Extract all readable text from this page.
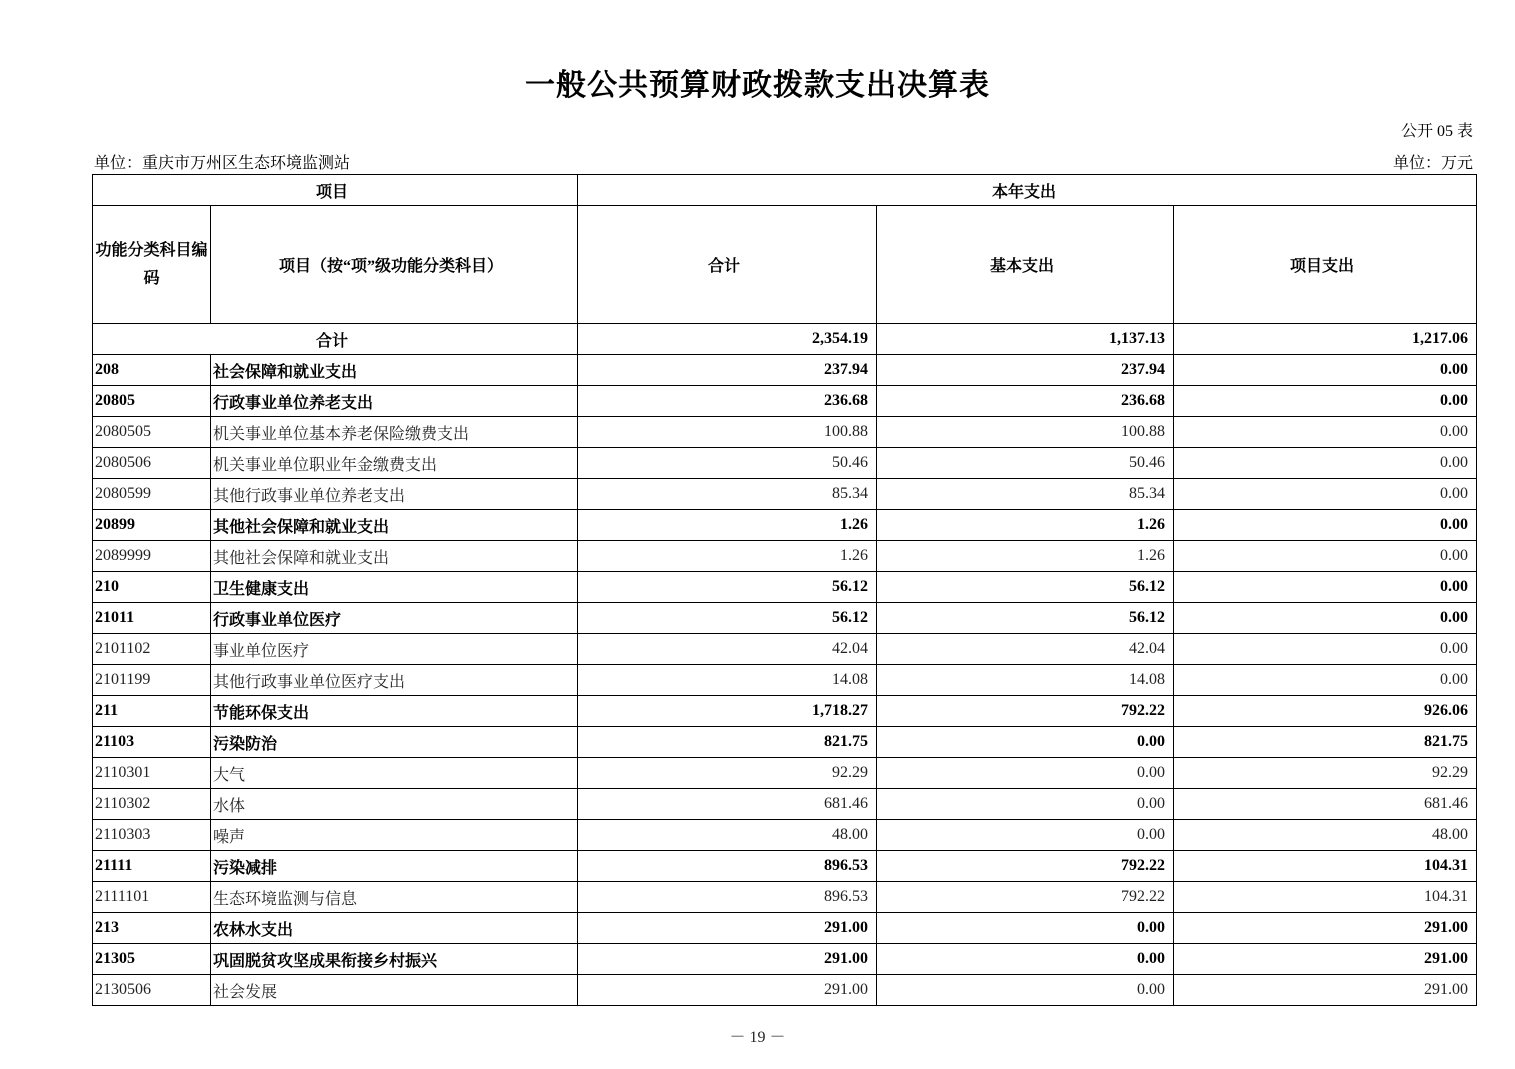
一般公共预算财政拨款支出决算表
公开 05 表
单位：重庆市万州区生态环境监测站	单位：万元
项目		本年支出		
功能分类科目编码	项目（按“项”级功能分类科目）	合计	基本支出	项目支出
合计		2,354.19	1,137.13	1,217.06
208	社会保障和就业支出	237.94	237.94	0.00
20805	行政事业单位养老支出	236.68	236.68	0.00
2080505	机关事业单位基本养老保险缴费支出	100.88	100.88	0.00
2080506	机关事业单位职业年金缴费支出	50.46	50.46	0.00
2080599	其他行政事业单位养老支出	85.34	85.34	0.00
20899	其他社会保障和就业支出	1.26	1.26	0.00
2089999	其他社会保障和就业支出	1.26	1.26	0.00
210	卫生健康支出	56.12	56.12	0.00
21011	行政事业单位医疗	56.12	56.12	0.00
2101102	事业单位医疗	42.04	42.04	0.00
2101199	其他行政事业单位医疗支出	14.08	14.08	0.00
211	节能环保支出	1,718.27	792.22	926.06
21103	污染防治	821.75	0.00	821.75
2110301	大气	92.29	0.00	92.29
2110302	水体	681.46	0.00	681.46
2110303	噪声	48.00	0.00	48.00
21111	污染减排	896.53	792.22	104.31
2111101	生态环境监测与信息	896.53	792.22	104.31
213	农林水支出	291.00	0.00	291.00
21305	巩固脱贫攻坚成果衔接乡村振兴	291.00	0.00	291.00
2130506	社会发展	291.00	0.00	291.00
－ 19 －
